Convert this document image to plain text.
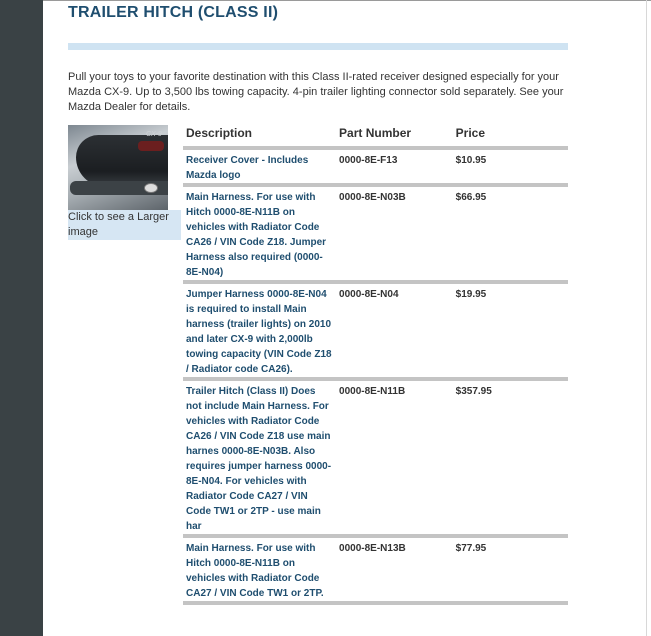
TRAILER HITCH (CLASS II)

Pull your toys to your favorite destination with this Class II-rated receiver designed especially for your Mazda CX-9. Up to 3,500 lbs towing capacity. 4-pin trailer lighting connector sold separately. See your Mazda Dealer for details.

CX-9
Click to see a Larger image
Description	Part Number	Price
Receiver Cover - Includes Mazda logo	0000-8E-F13	$10.95
Main Harness. For use with Hitch 0000-8E-N11B on vehicles with Radiator Code CA26 / VIN Code Z18. Jumper Harness also required (0000-8E-N04)	0000-8E-N03B	$66.95
Jumper Harness 0000-8E-N04 is required to install Main harness (trailer lights) on 2010 and later CX-9 with 2,000lb towing capacity (VIN Code Z18 / Radiator code CA26).	0000-8E-N04	$19.95
Trailer Hitch (Class II) Does not include Main Harness. For vehicles with Radiator Code CA26 / VIN Code Z18 use main harnes 0000-8E-N03B. Also requires jumper harness 0000-8E-N04. For vehicles with Radiator Code CA27 / VIN Code TW1 or 2TP - use main har	0000-8E-N11B	$357.95
Main Harness. For use with Hitch 0000-8E-N11B on vehicles with Radiator Code CA27 / VIN Code TW1 or 2TP.	0000-8E-N13B	$77.95
